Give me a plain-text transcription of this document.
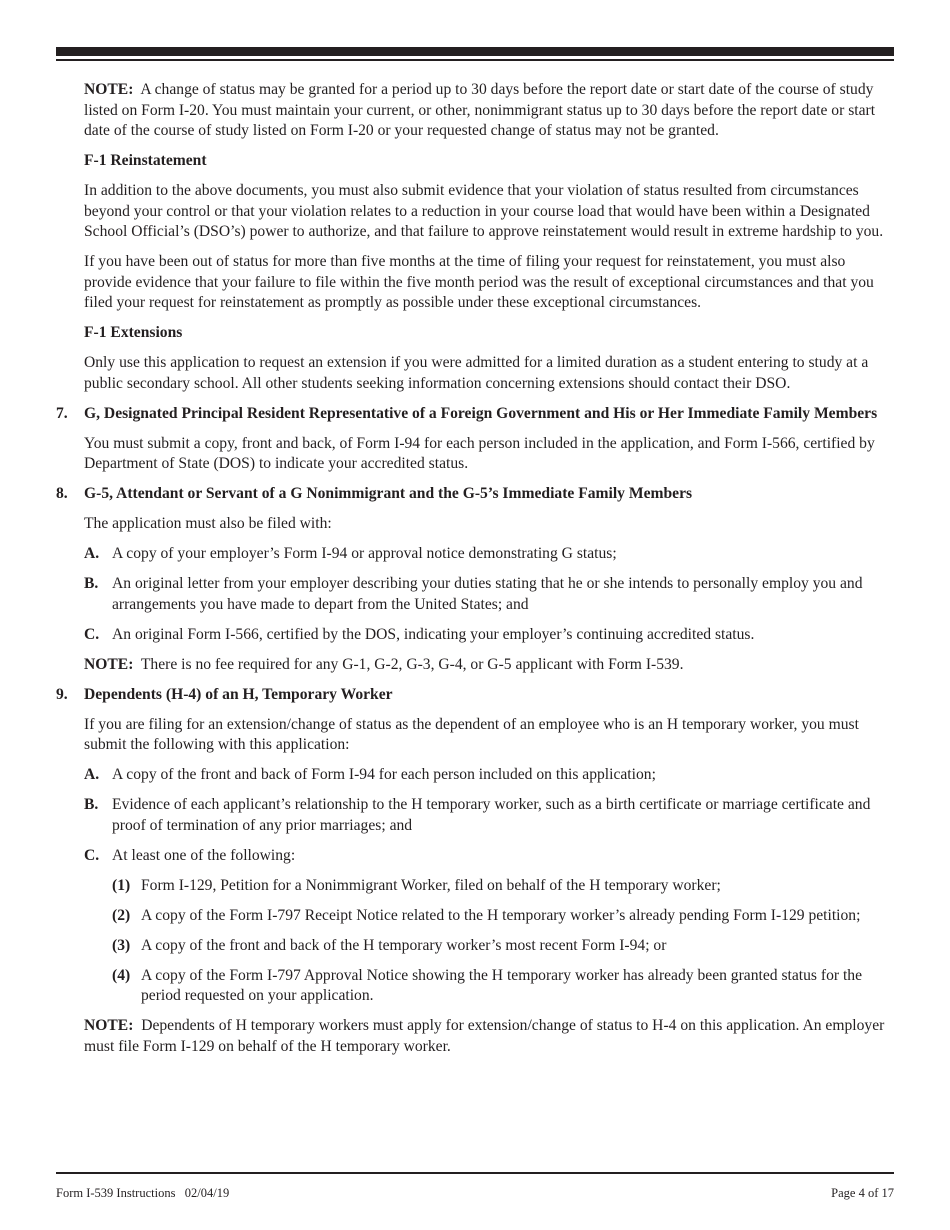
NOTE: A change of status may be granted for a period up to 30 days before the report date or start date of the course of study listed on Form I-20. You must maintain your current, or other, nonimmigrant status up to 30 days before the report date or start date of the course of study listed on Form I-20 or your requested change of status may not be granted.

F-1 Reinstatement

In addition to the above documents, you must also submit evidence that your violation of status resulted from circumstances beyond your control or that your violation relates to a reduction in your course load that would have been within a Designated School Official’s (DSO’s) power to authorize, and that failure to approve reinstatement would result in extreme hardship to you.

If you have been out of status for more than five months at the time of filing your request for reinstatement, you must also provide evidence that your failure to file within the five month period was the result of exceptional circumstances and that you filed your request for reinstatement as promptly as possible under these exceptional circumstances.

F-1 Extensions

Only use this application to request an extension if you were admitted for a limited duration as a student entering to study at a public secondary school. All other students seeking information concerning extensions should contact their DSO.

7.	G, Designated Principal Resident Representative of a Foreign Government and His or Her Immediate Family Members

You must submit a copy, front and back, of Form I-94 for each person included in the application, and Form I-566, certified by Department of State (DOS) to indicate your accredited status.

8.	G-5, Attendant or Servant of a G Nonimmigrant and the G-5’s Immediate Family Members

The application must also be filed with:

A. A copy of your employer’s Form I-94 or approval notice demonstrating G status;
B. An original letter from your employer describing your duties stating that he or she intends to personally employ you and arrangements you have made to depart from the United States; and
C. An original Form I-566, certified by the DOS, indicating your employer’s continuing accredited status.

NOTE: There is no fee required for any G-1, G-2, G-3, G-4, or G-5 applicant with Form I-539.

9.	Dependents (H-4) of an H, Temporary Worker

If you are filing for an extension/change of status as the dependent of an employee who is an H temporary worker, you must submit the following with this application:

A. A copy of the front and back of Form I-94 for each person included on this application;
B. Evidence of each applicant’s relationship to the H temporary worker, such as a birth certificate or marriage certificate and proof of termination of any prior marriages; and
C. At least one of the following:
(1) Form I-129, Petition for a Nonimmigrant Worker, filed on behalf of the H temporary worker;
(2) A copy of the Form I-797 Receipt Notice related to the H temporary worker’s already pending Form I-129 petition;
(3) A copy of the front and back of the H temporary worker’s most recent Form I-94; or
(4) A copy of the Form I-797 Approval Notice showing the H temporary worker has already been granted status for the period requested on your application.

NOTE: Dependents of H temporary workers must apply for extension/change of status to H-4 on this application. An employer must file Form I-129 on behalf of the H temporary worker.

Form I-539 Instructions   02/04/19	Page 4 of 17
